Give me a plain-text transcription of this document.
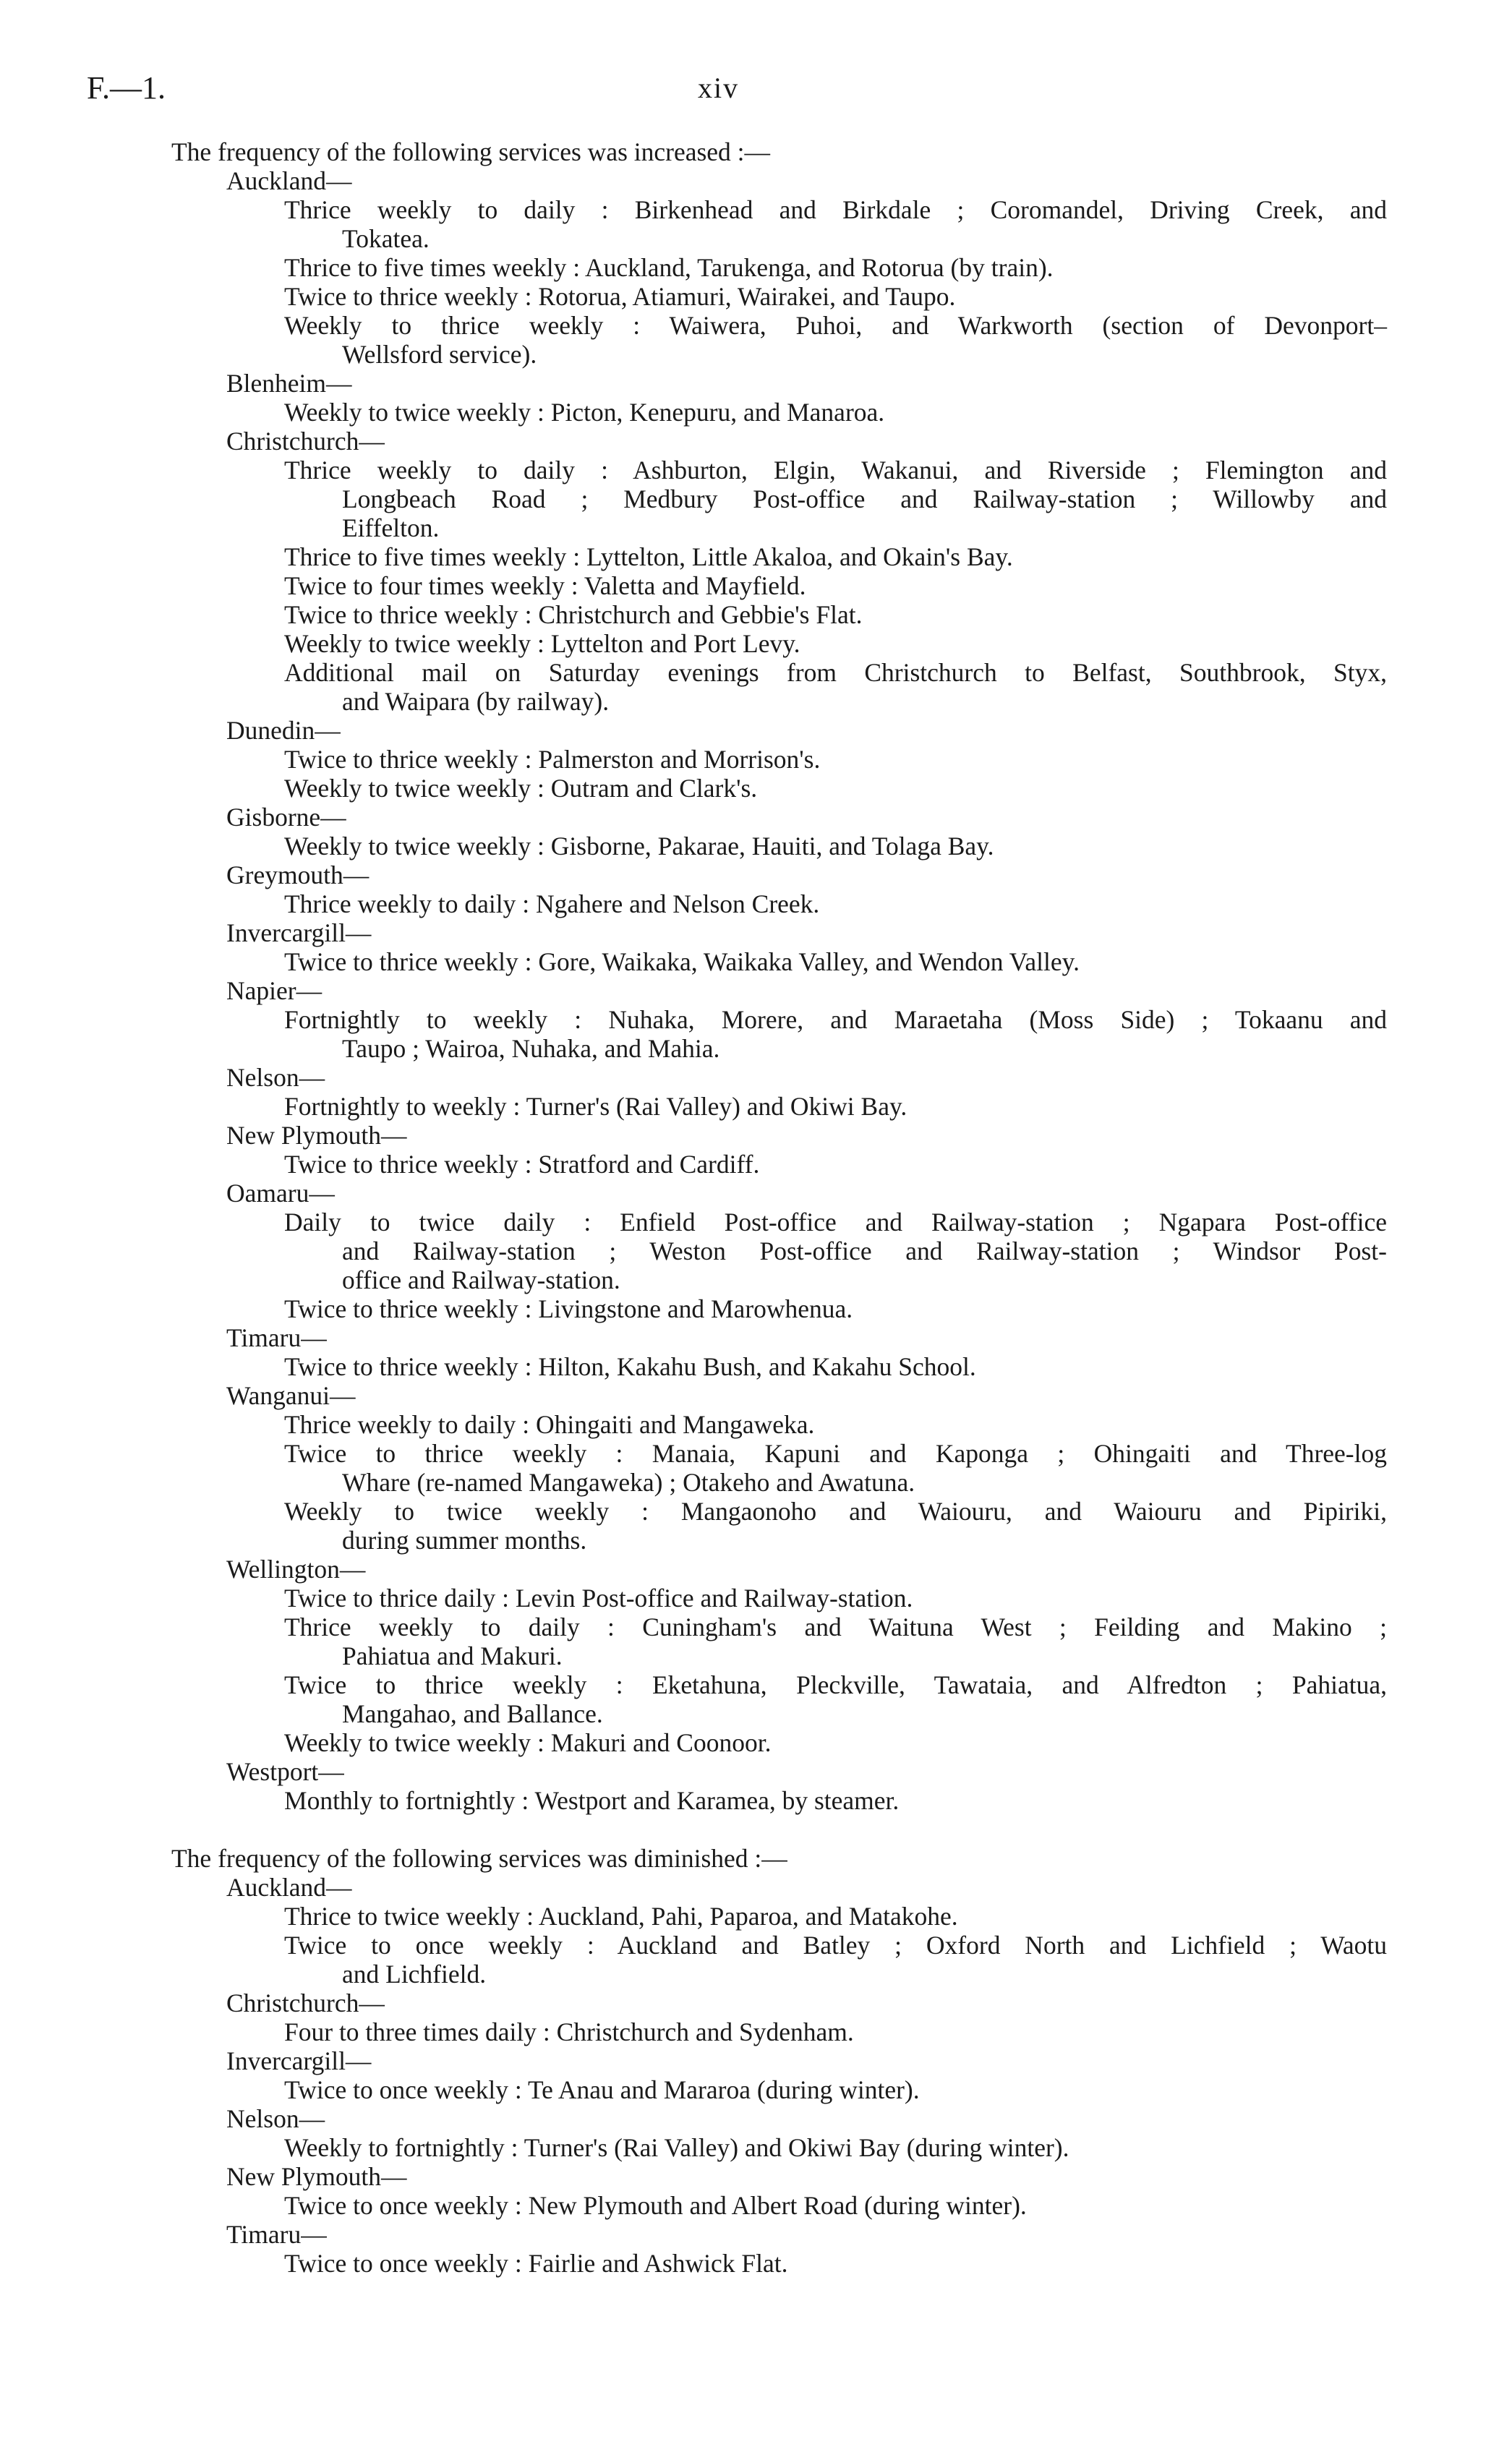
F.—1.	xiv

The frequency of the following services was increased :—

Auckland—

Thrice weekly to daily : Birkenhead and Birkdale ; Coromandel, Driving Creek, and
Tokatea.

Thrice to five times weekly : Auckland, Tarukenga, and Rotorua (by train).

Twice to thrice weekly : Rotorua, Atiamuri, Wairakei, and Taupo.

Weekly to thrice weekly : Waiwera, Puhoi, and Warkworth (section of Devonport–
Wellsford service).

Blenheim—

Weekly to twice weekly : Picton, Kenepuru, and Manaroa.

Christchurch—

Thrice weekly to daily : Ashburton, Elgin, Wakanui, and Riverside ; Flemington and
Longbeach Road ; Medbury Post-office and Railway-station ; Willowby and
Eiffelton.

Thrice to five times weekly : Lyttelton, Little Akaloa, and Okain's Bay.

Twice to four times weekly : Valetta and Mayfield.

Twice to thrice weekly : Christchurch and Gebbie's Flat.

Weekly to twice weekly : Lyttelton and Port Levy.

Additional mail on Saturday evenings from Christchurch to Belfast, Southbrook, Styx,
and Waipara (by railway).

Dunedin—

Twice to thrice weekly : Palmerston and Morrison's.

Weekly to twice weekly : Outram and Clark's.

Gisborne—

Weekly to twice weekly : Gisborne, Pakarae, Hauiti, and Tolaga Bay.

Greymouth—

Thrice weekly to daily : Ngahere and Nelson Creek.

Invercargill—

Twice to thrice weekly : Gore, Waikaka, Waikaka Valley, and Wendon Valley.

Napier—

Fortnightly to weekly : Nuhaka, Morere, and Maraetaha (Moss Side) ; Tokaanu and
Taupo ; Wairoa, Nuhaka, and Mahia.

Nelson—

Fortnightly to weekly : Turner's (Rai Valley) and Okiwi Bay.

New Plymouth—

Twice to thrice weekly : Stratford and Cardiff.

Oamaru—

Daily to twice daily : Enfield Post-office and Railway-station ; Ngapara Post-office
and Railway-station ; Weston Post-office and Railway-station ; Windsor Post-
office and Railway-station.

Twice to thrice weekly : Livingstone and Marowhenua.

Timaru—

Twice to thrice weekly : Hilton, Kakahu Bush, and Kakahu School.

Wanganui—

Thrice weekly to daily : Ohingaiti and Mangaweka.

Twice to thrice weekly : Manaia, Kapuni and Kaponga ; Ohingaiti and Three-log
Whare (re-named Mangaweka) ; Otakeho and Awatuna.

Weekly to twice weekly : Mangaonoho and Waiouru, and Waiouru and Pipiriki,
during summer months.

Wellington—

Twice to thrice daily : Levin Post-office and Railway-station.

Thrice weekly to daily : Cuningham's and Waituna West ; Feilding and Makino ;
Pahiatua and Makuri.

Twice to thrice weekly : Eketahuna, Pleckville, Tawataia, and Alfredton ; Pahiatua,
Mangahao, and Ballance.

Weekly to twice weekly : Makuri and Coonoor.

Westport—

Monthly to fortnightly : Westport and Karamea, by steamer.

The frequency of the following services was diminished :—

Auckland—

Thrice to twice weekly : Auckland, Pahi, Paparoa, and Matakohe.

Twice to once weekly : Auckland and Batley ; Oxford North and Lichfield ; Waotu
and Lichfield.

Christchurch—

Four to three times daily : Christchurch and Sydenham.

Invercargill—

Twice to once weekly : Te Anau and Mararoa (during winter).

Nelson—

Weekly to fortnightly : Turner's (Rai Valley) and Okiwi Bay (during winter).

New Plymouth—

Twice to once weekly : New Plymouth and Albert Road (during winter).

Timaru—

Twice to once weekly : Fairlie and Ashwick Flat.
